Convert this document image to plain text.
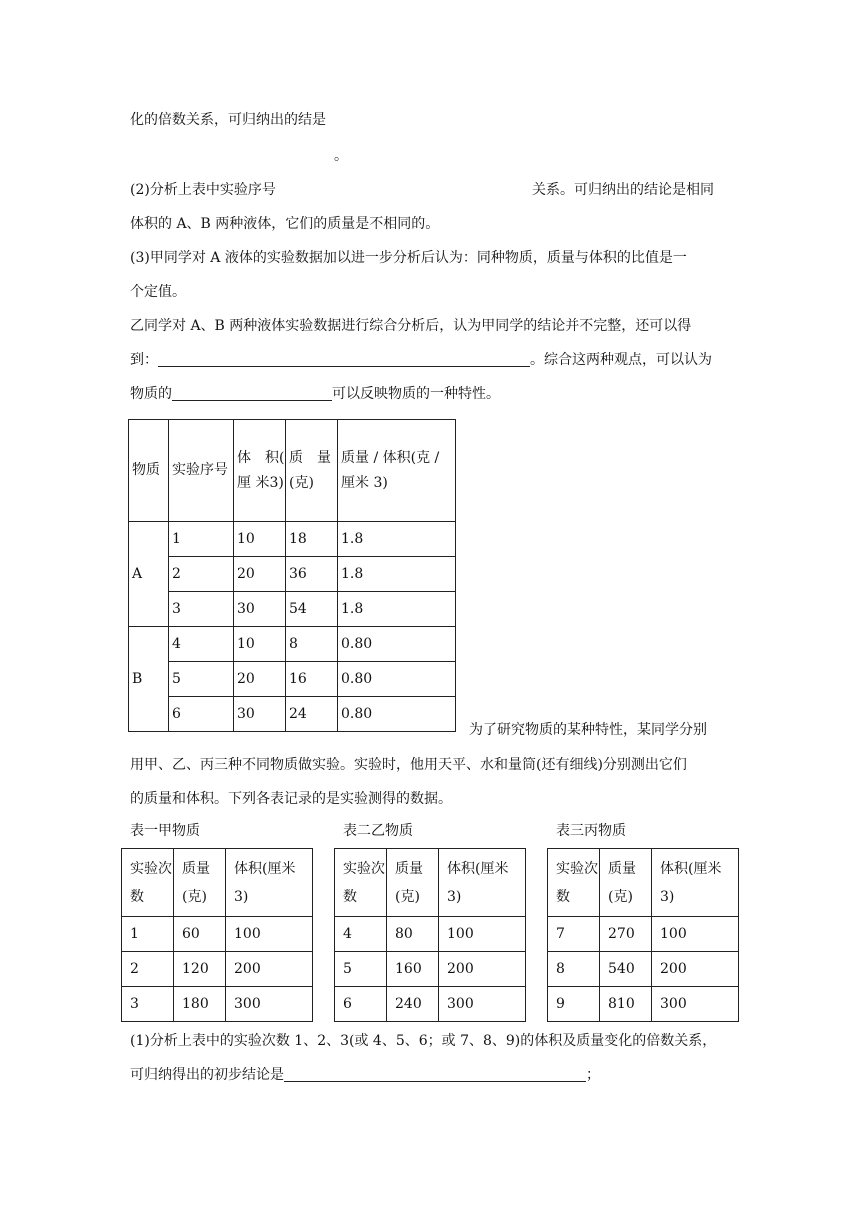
化的倍数关系，可归纳出的结是
。
(2)分析上表中实验序号	关系。可归纳出的结论是相同
体积的 A、B 两种液体，它们的质量是不相同的。
(3)甲同学对 A 液体的实验数据加以进一步分析后认为：同种物质，质量与体积的比值是一
个定值。
乙同学对 A、B 两种液体实验数据进行综合分析后，认为甲同学的结论并不完整，还可以得
到：	。综合这两种观点，可以认为
物质的	可以反映物质的一种特性。
物质	实验序号	体　积( 厘 米3)	质　量(克)	质量 / 体积(克 / 厘米 3)
A	1	10	18	1.8
	2	20	36	1.8
	3	30	54	1.8
B	4	10	8	0.80
	5	20	16	0.80
	6	30	24	0.80
为了研究物质的某种特性，某同学分别
用甲、乙、丙三种不同物质做实验。实验时，他用天平、水和量筒(还有细线)分别测出它们
的质量和体积。下列各表记录的是实验测得的数据。
表一甲物质	表二乙物质	表三丙物质
实验次数	质量(克)	体积(厘米 3)
1	60	100
2	120	200
3	180	300
实验次数	质量(克)	体积(厘米 3)
4	80	100
5	160	200
6	240	300
实验次数	质量(克)	体积(厘米 3)
7	270	100
8	540	200
9	810	300
(1)分析上表中的实验次数 1、2、3(或 4、5、6；或 7、8、9)的体积及质量变化的倍数关系，
可归纳得出的初步结论是	；
